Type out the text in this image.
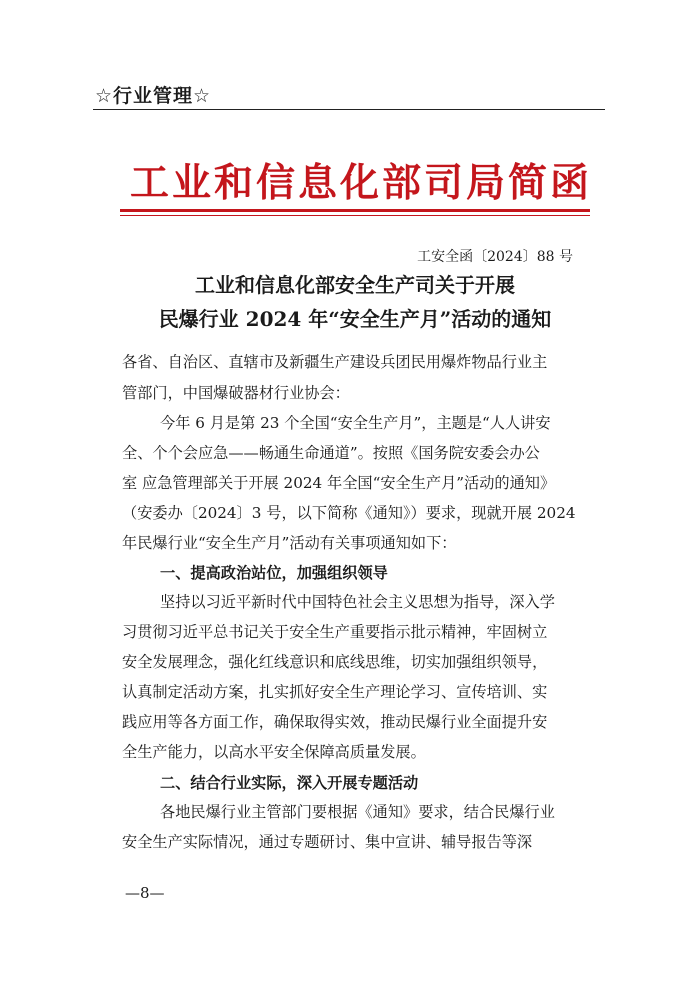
☆行业管理☆
工业和信息化部司局简函
工安全函〔2024〕88 号
工业和信息化部安全生产司关于开展
民爆行业 2024 年“安全生产月”活动的通知
各省、自治区、直辖市及新疆生产建设兵团民用爆炸物品行业主
管部门，中国爆破器材行业协会：
今年 6 月是第 23 个全国“安全生产月”，主题是“人人讲安
全、个个会应急——畅通生命通道”。按照《国务院安委会办公
室 应急管理部关于开展 2024 年全国“安全生产月”活动的通知》
（安委办〔2024〕3 号，以下简称《通知》）要求，现就开展 2024
年民爆行业“安全生产月”活动有关事项通知如下：
一、提高政治站位，加强组织领导
坚持以习近平新时代中国特色社会主义思想为指导，深入学
习贯彻习近平总书记关于安全生产重要指示批示精神，牢固树立
安全发展理念，强化红线意识和底线思维，切实加强组织领导，
认真制定活动方案，扎实抓好安全生产理论学习、宣传培训、实
践应用等各方面工作，确保取得实效，推动民爆行业全面提升安
全生产能力，以高水平安全保障高质量发展。
二、结合行业实际，深入开展专题活动
各地民爆行业主管部门要根据《通知》要求，结合民爆行业
安全生产实际情况，通过专题研讨、集中宣讲、辅导报告等深
—8—
